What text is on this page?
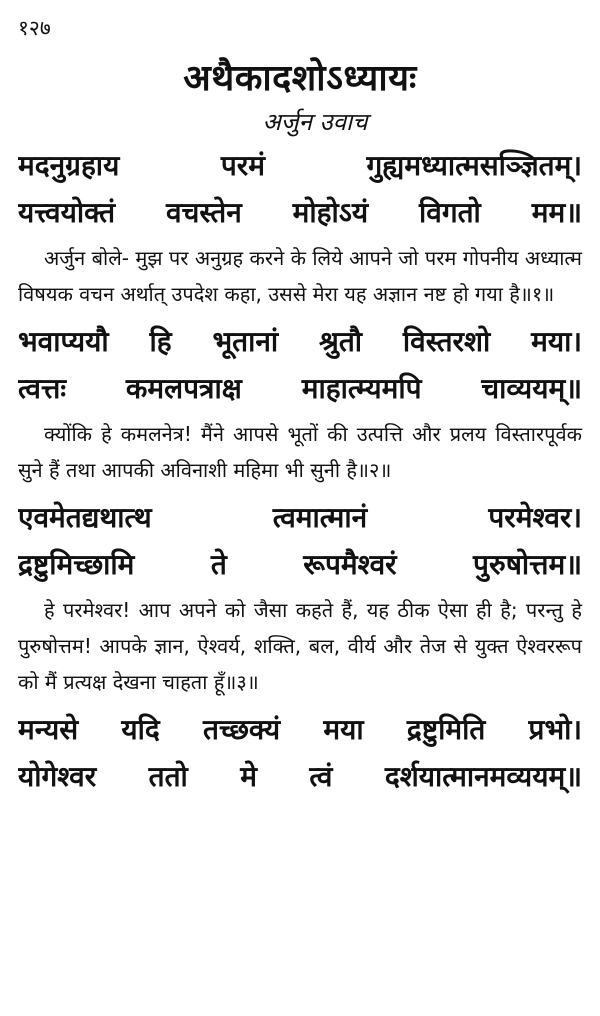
१२७
अथैकादशोऽध्यायः
अर्जुन उवाच
मदनुग्रहाय परमं गुह्यमध्यात्मसञ्ज्ञितम्।
यत्त्वयोक्तं वचस्तेन मोहोऽयं विगतो मम॥
अर्जुन बोले- मुझ पर अनुग्रह करने के लिये आपने जो परम गोपनीय अध्यात्म विषयक वचन अर्थात् उपदेश कहा, उससे मेरा यह अज्ञान नष्ट हो गया है॥१॥
भवाप्ययौ हि भूतानां श्रुतौ विस्तरशो मया।
त्वत्तः कमलपत्राक्ष माहात्म्यमपि चाव्ययम्॥
क्योंकि हे कमलनेत्र! मैंने आपसे भूतों की उत्पत्ति और प्रलय विस्तारपूर्वक सुने हैं तथा आपकी अविनाशी महिमा भी सुनी है॥२॥
एवमेतद्यथात्थ त्वमात्मानं परमेश्वर।
द्रष्टुमिच्छामि ते रूपमैश्वरं पुरुषोत्तम॥
हे परमेश्वर! आप अपने को जैसा कहते हैं, यह ठीक ऐसा ही है; परन्तु हे पुरुषोत्तम! आपके ज्ञान, ऐश्वर्य, शक्ति, बल, वीर्य और तेज से युक्त ऐश्वररूप को मैं प्रत्यक्ष देखना चाहता हूँ॥३॥
मन्यसे यदि तच्छक्यं मया द्रष्टुमिति प्रभो।
योगेश्वर ततो मे त्वं दर्शयात्मानमव्ययम्॥
